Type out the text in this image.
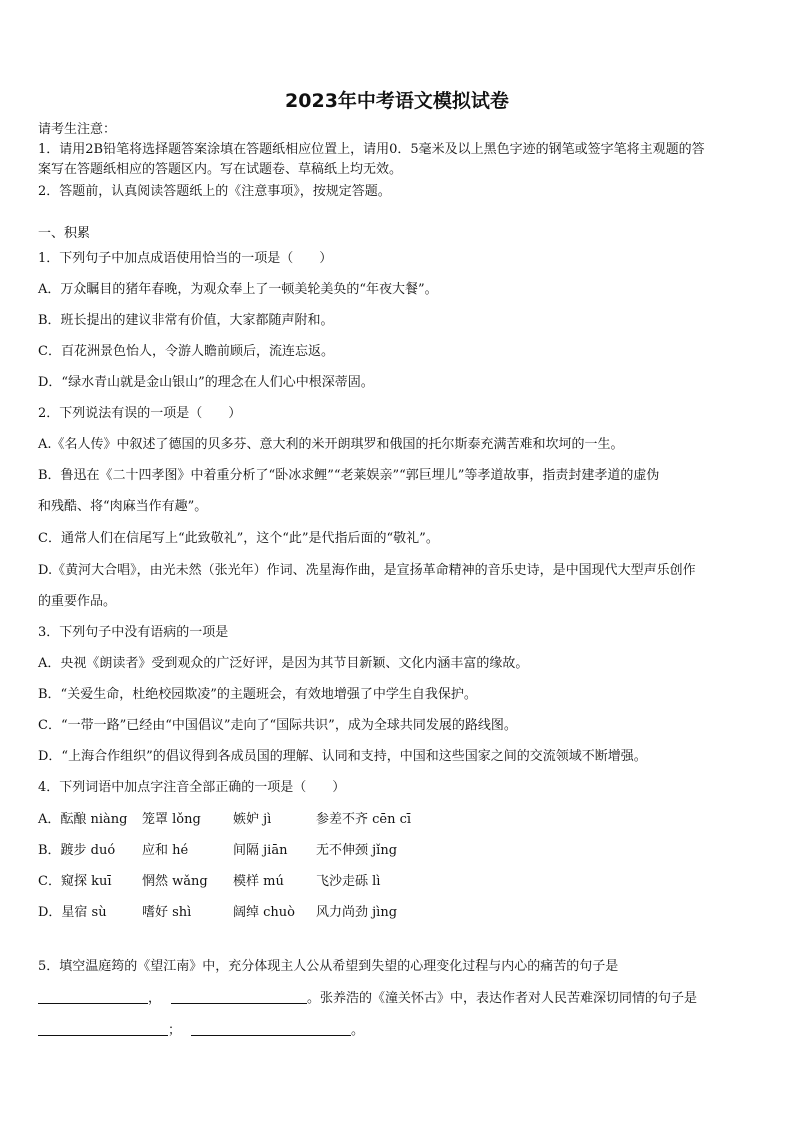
2023年中考语文模拟试卷
请考生注意：
1．请用2B铅笔将选择题答案涂填在答题纸相应位置上，请用0．5毫米及以上黑色字迹的钢笔或签字笔将主观题的答
案写在答题纸相应的答题区内。写在试题卷、草稿纸上均无效。
2．答题前，认真阅读答题纸上的《注意事项》，按规定答题。
一、积累
1．下列句子中加点成语使用恰当的一项是（　　）
A．万众瞩目的猪年春晚，为观众奉上了一顿美轮美奂的“年夜大餐”。
B．班长提出的建议非常有价值，大家都随声附和。
C．百花洲景色怡人，令游人瞻前顾后，流连忘返。
D．“绿水青山就是金山银山”的理念在人们心中根深蒂固。
2．下列说法有误的一项是（　　）
A.《名人传》中叙述了德国的贝多芬、意大利的米开朗琪罗和俄国的托尔斯泰充满苦难和坎坷的一生。
B．鲁迅在《二十四孝图》中着重分析了“卧冰求鲤”“老莱娱亲”“郭巨埋儿”等孝道故事，指责封建孝道的虚伪
和残酷、将“肉麻当作有趣”。
C．通常人们在信尾写上“此致敬礼”，这个“此”是代指后面的“敬礼”。
D.《黄河大合唱》，由光未然（张光年）作词、冼星海作曲，是宣扬革命精神的音乐史诗，是中国现代大型声乐创作
的重要作品。
3．下列句子中没有语病的一项是
A．央视《朗读者》受到观众的广泛好评，是因为其节目新颖、文化内涵丰富的缘故。
B．“关爱生命，杜绝校园欺凌”的主题班会，有效地增强了中学生自我保护。
C．“一带一路”已经由“中国倡议”走向了“国际共识”，成为全球共同发展的路线图。
D．“上海合作组织”的倡议得到各成员国的理解、认同和支持，中国和这些国家之间的交流领域不断增强。
4．下列词语中加点字注音全部正确的一项是（　　）
A．酝酿 niàng 笼罩 lǒng 嫉妒 jì	参差不齐 cēn cī
B．踱步 duó 应和 hé	间隔 jiān 无不伸颈 jǐng
C．窥探 kuī 惘然 wǎng 模样 mú 飞沙走砾 lì
D．星宿 sù	嗜好 shì	阔绰 chuò 风力尚劲 jìng
5．填空温庭筠的《望江南》中，充分体现主人公从希望到失望的心理变化过程与内心的痛苦的句子是
，	。张养浩的《潼关怀古》中，表达作者对人民苦难深切同情的句子是
；	。
